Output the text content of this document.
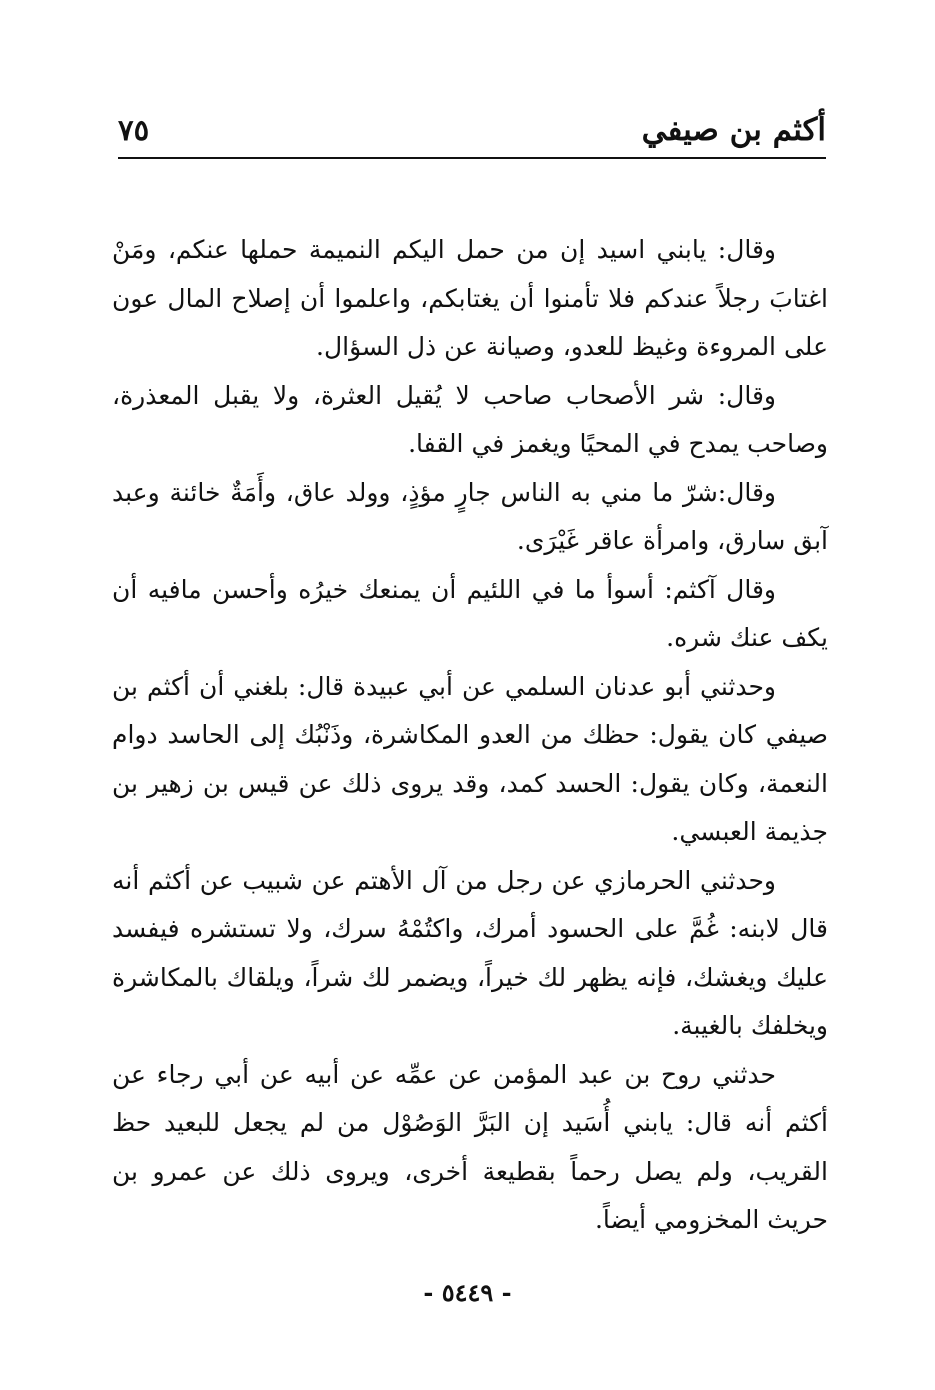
أكثم بن صيفي
٧٥

وقال: يابني اسيد إن من حمل اليكم النميمة حملها عنكم، ومَنْ اغتابَ رجلاً عندكم فلا تأمنوا أن يغتابكم، واعلموا أن إصلاح المال عون على المروءة وغيظ للعدو، وصيانة عن ذل السؤال.

وقال: شر الأصحاب صاحب لا يُقيل العثرة، ولا يقبل المعذرة، وصاحب يمدح في المحيًا ويغمز في القفا.

وقال:شرّ ما مني به الناس جارٍ مؤذٍ، وولد عاق، وأَمَةٌ خائنة وعبد آبق سارق، وامرأة عاقر غَيْرَى.

وقال آكثم: أسوأ ما في اللئيم أن يمنعك خيرُه وأحسن مافيه أن يكف عنك شره.

وحدثني أبو عدنان السلمي عن أبي عبيدة قال: بلغني أن أكثم بن صيفي كان يقول: حظك من العدو المكاشرة، وذَنْبُك إلى الحاسد دوام النعمة، وكان يقول: الحسد كمد، وقد يروى ذلك عن قيس بن زهير بن جذيمة العبسي.

وحدثني الحرمازي عن رجل من آل الأهتم عن شبيب عن أكثم أنه قال لابنه: غُمَّ على الحسود أمرك، واكتُمْهُ سرك، ولا تستشره فيفسد عليك ويغشك، فإنه يظهر لك خيراً، ويضمر لك شراً، ويلقاك بالمكاشرة ويخلفك بالغيبة.

حدثني روح بن عبد المؤمن عن عمِّه عن أبيه عن أبي رجاء عن أكثم أنه قال: يابني أُسَيد إن البَرَّ الوَصُوْل من لم يجعل للبعيد حظ القريب، ولم يصل رحماً بقطيعة أخرى، ويروى ذلك عن عمرو بن حريث المخزومي أيضاً.

- ٥٤٤٩ -
